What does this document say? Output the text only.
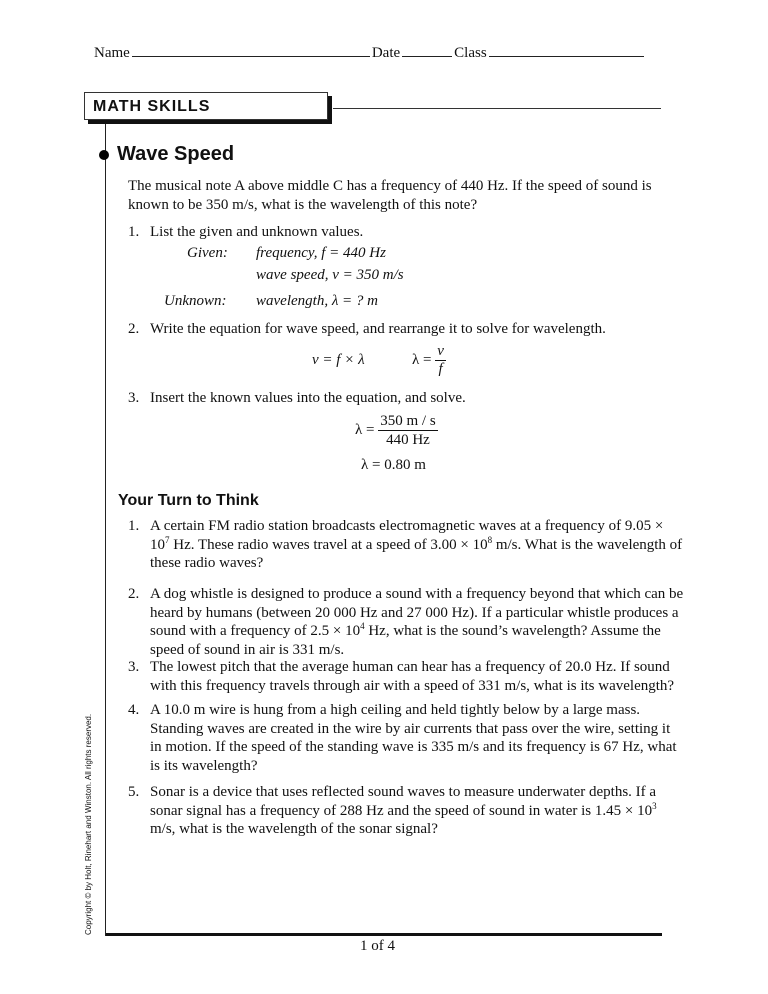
Name	Date	Class
MATH SKILLS
Wave Speed
The musical note A above middle C has a frequency of 440 Hz. If the speed of sound is known to be 350 m/s, what is the wavelength of this note?
1. List the given and unknown values.
Given: frequency, f = 440 Hz
wave speed, v = 350 m/s
Unknown: wavelength, λ = ? m
2. Write the equation for wave speed, and rearrange it to solve for wavelength.
v = f × λ	$\lambda = \frac{v}{f}$
3. Insert the known values into the equation, and solve.
$\lambda = \frac{350 m / s}{440 Hz}$
λ = 0.80 m
Your Turn to Think
1. A certain FM radio station broadcasts electromagnetic waves at a frequency of $9.05 \times 10^7$ Hz. These radio waves travel at a speed of $3.00 \times 10^8$ m/s. What is the wavelength of these radio waves?
2. A dog whistle is designed to produce a sound with a frequency beyond that which can be heard by humans (between 20 000 Hz and 27 000 Hz). If a particular whistle produces a sound with a frequency of $2.5 \times 10^4$ Hz, what is the sound’s wavelength? Assume the speed of sound in air is 331 m/s.
3. The lowest pitch that the average human can hear has a frequency of 20.0 Hz. If sound with this frequency travels through air with a speed of 331 m/s, what is its wavelength?
4. A 10.0 m wire is hung from a high ceiling and held tightly below by a large mass. Standing waves are created in the wire by air currents that pass over the wire, setting it in motion. If the speed of the standing wave is 335 m/s and its frequency is 67 Hz, what is its wavelength?
5. Sonar is a device that uses reflected sound waves to measure underwater depths. If a sonar signal has a frequency of 288 Hz and the speed of sound in water is $1.45 \times 10^3$ m/s, what is the wavelength of the sonar signal?
Copyright © by Holt, Rinehart and Winston. All rights reserved.
1 of 4
